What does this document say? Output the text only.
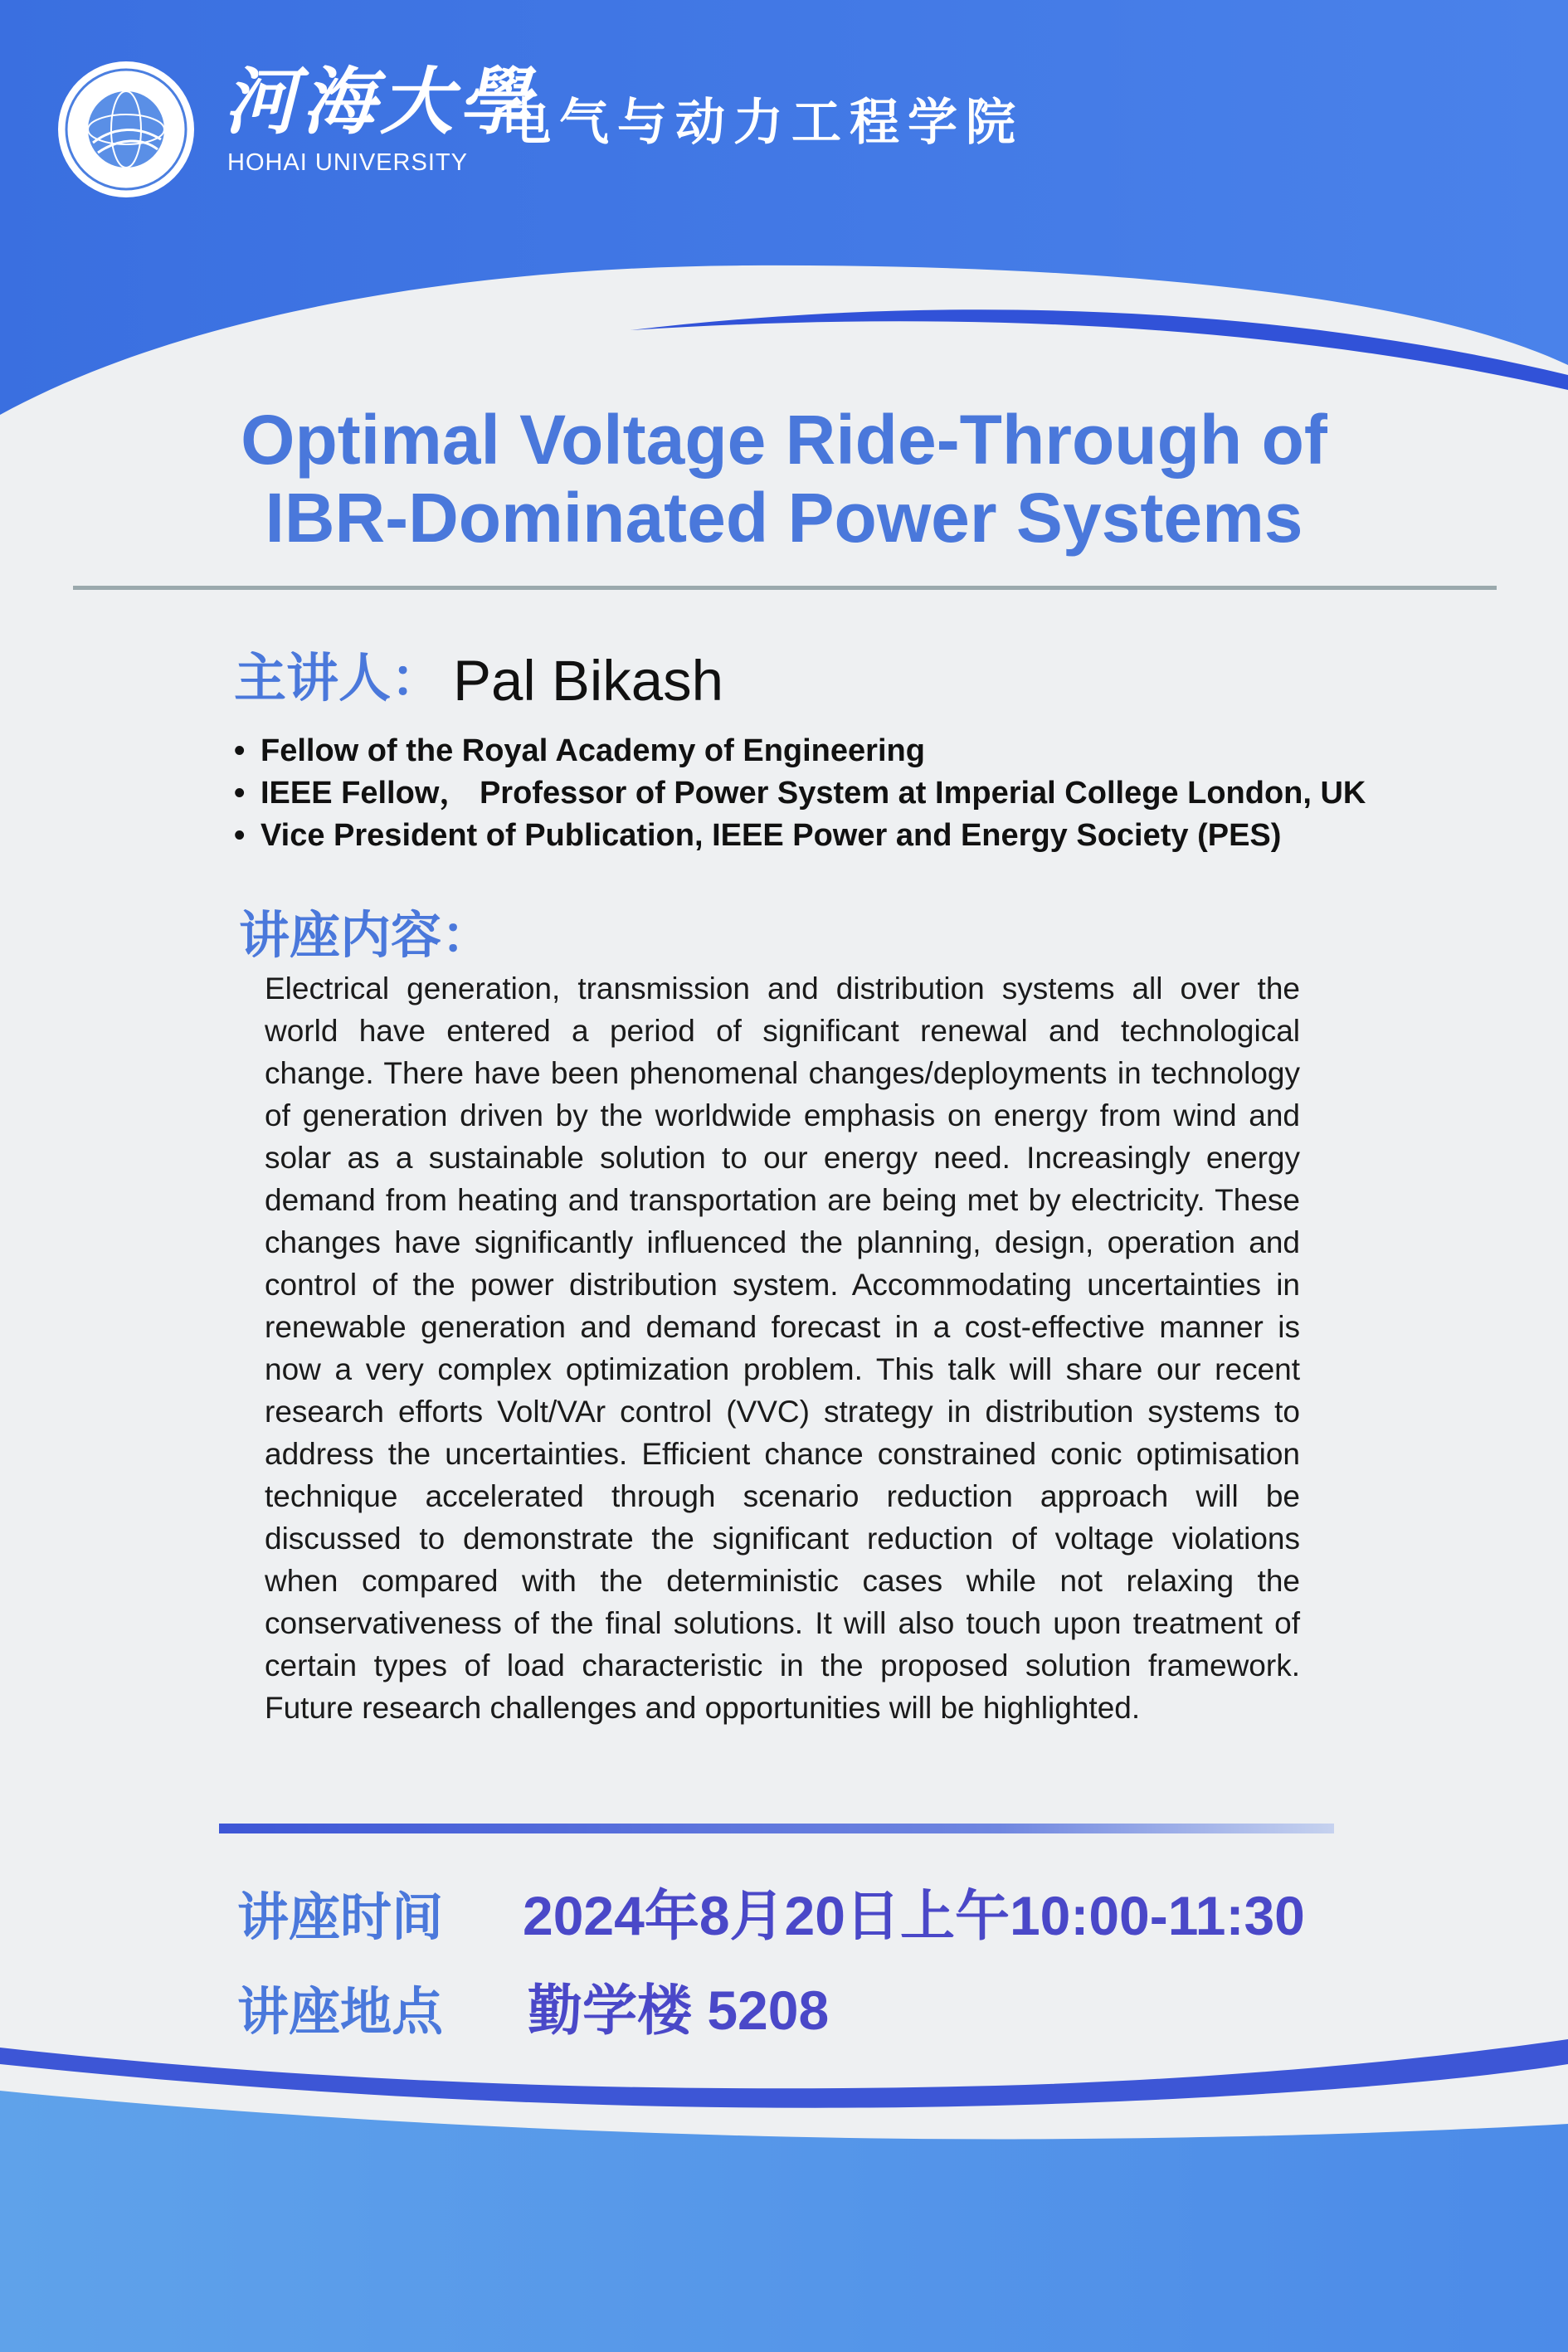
河海大學

HOHAI UNIVERSITY

电气与动力工程学院

Optimal Voltage Ride-Through of
IBR-Dominated Power Systems

主讲人： Pal Bikash

• Fellow of the Royal Academy of Engineering
• IEEE Fellow， Professor of Power System at Imperial College London, UK
• Vice President of Publication, IEEE Power and Energy Society (PES)

讲座内容：

Electrical generation, transmission and distribution systems all over the world have entered a period of significant renewal and technological change. There have been phenomenal changes/deployments in technology of generation driven by the worldwide emphasis on energy from wind and solar as a sustainable solution to our energy need. Increasingly energy demand from heating and transportation are being met by electricity. These changes have significantly influenced the planning, design, operation and control of the power distribution system. Accommodating uncertainties in renewable generation and demand forecast in a cost-effective manner is now a very complex optimization problem. This talk will share our recent research efforts Volt/VAr control (VVC) strategy in distribution systems to address the uncertainties. Efficient chance constrained conic optimisation technique accelerated through scenario reduction approach will be discussed to demonstrate the significant reduction of voltage violations when compared with the deterministic cases while not relaxing the conservativeness of the final solutions. It will also touch upon treatment of certain types of load characteristic in the proposed solution framework. Future research challenges and opportunities will be highlighted.

讲座时间 2024年8月20日上午10:00-11:30

讲座地点 勤学楼 5208
